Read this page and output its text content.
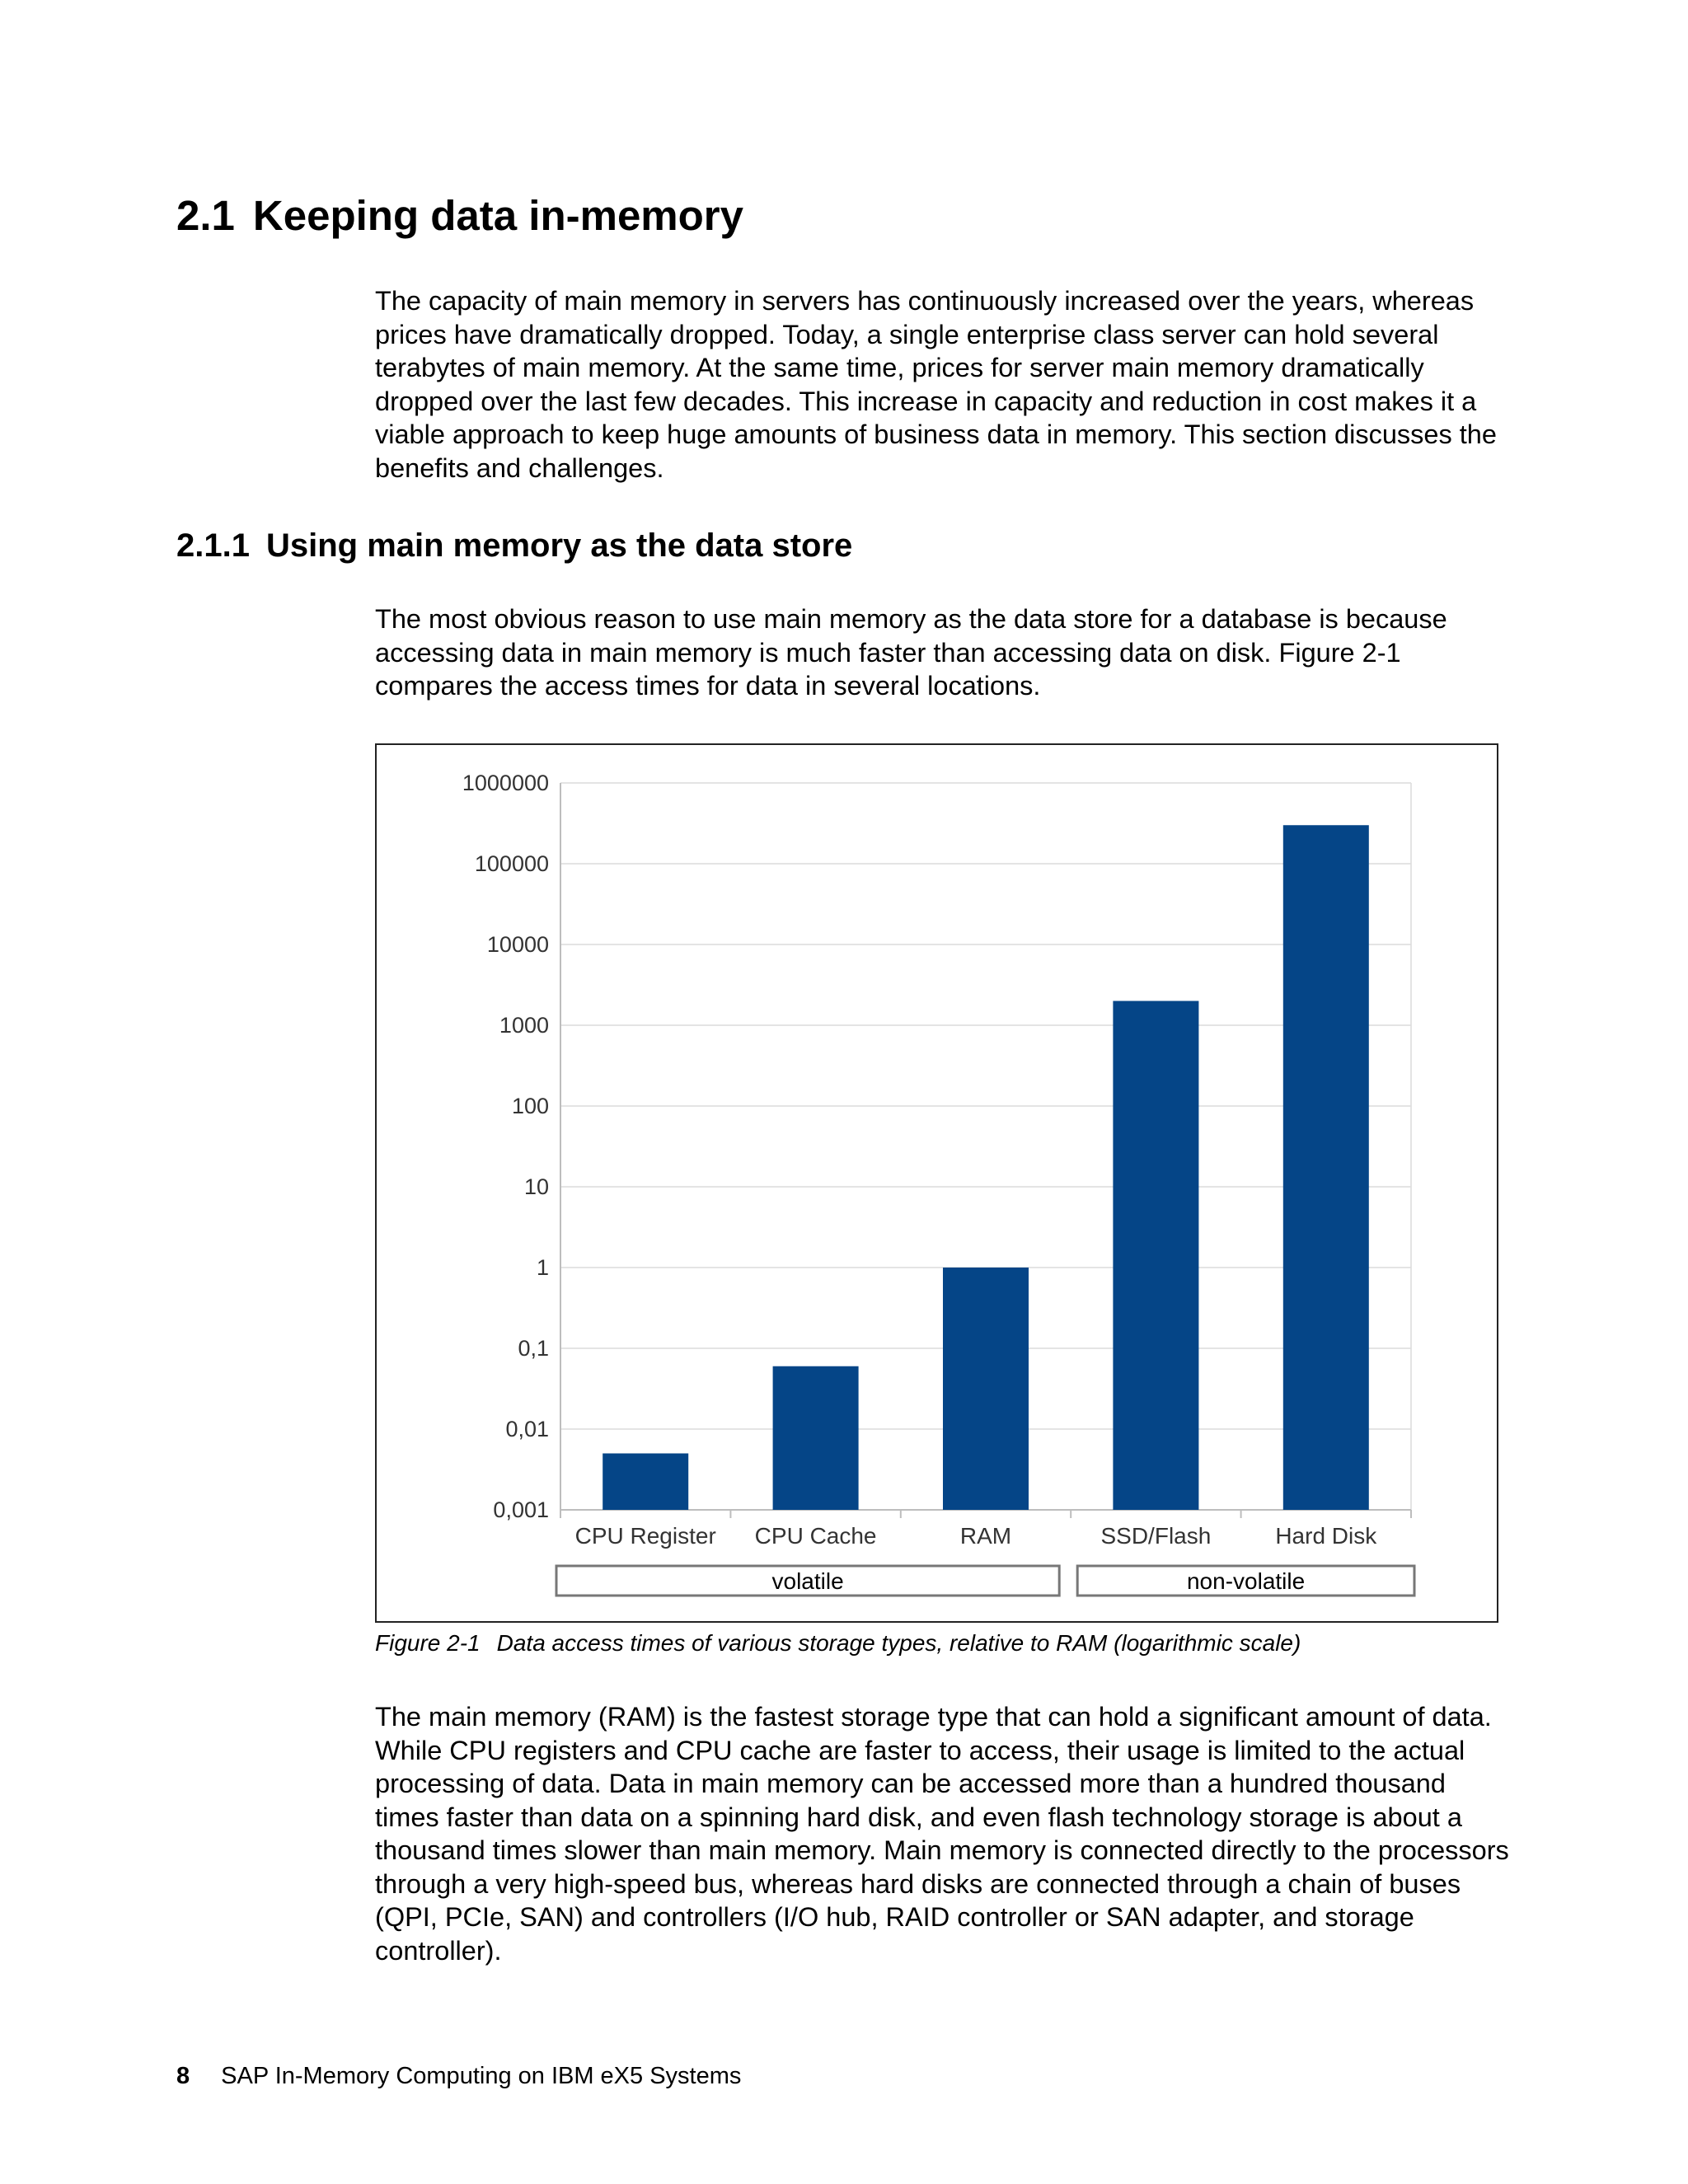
2.1 Keeping data in-memory

The capacity of main memory in servers has continuously increased over the years, whereas prices have dramatically dropped. Today, a single enterprise class server can hold several terabytes of main memory. At the same time, prices for server main memory dramatically dropped over the last few decades. This increase in capacity and reduction in cost makes it a viable approach to keep huge amounts of business data in memory. This section discusses the benefits and challenges.

2.1.1 Using main memory as the data store

The most obvious reason to use main memory as the data store for a database is because accessing data in main memory is much faster than accessing data on disk. Figure 2-1 compares the access times for data in several locations.

0,001
0,01
0,1
1
10
100
1000
10000
100000
1000000
CPU Register CPU Cache	RAM	SSD/Flash	Hard Disk
volatile	non-volatile

Figure 2-1 Data access times of various storage types, relative to RAM (logarithmic scale)

The main memory (RAM) is the fastest storage type that can hold a significant amount of data. While CPU registers and CPU cache are faster to access, their usage is limited to the actual processing of data. Data in main memory can be accessed more than a hundred thousand times faster than data on a spinning hard disk, and even flash technology storage is about a thousand times slower than main memory. Main memory is connected directly to the processors through a very high-speed bus, whereas hard disks are connected through a chain of buses (QPI, PCIe, SAN) and controllers (I/O hub, RAID controller or SAN adapter, and storage controller).

8 SAP In-Memory Computing on IBM eX5 Systems
